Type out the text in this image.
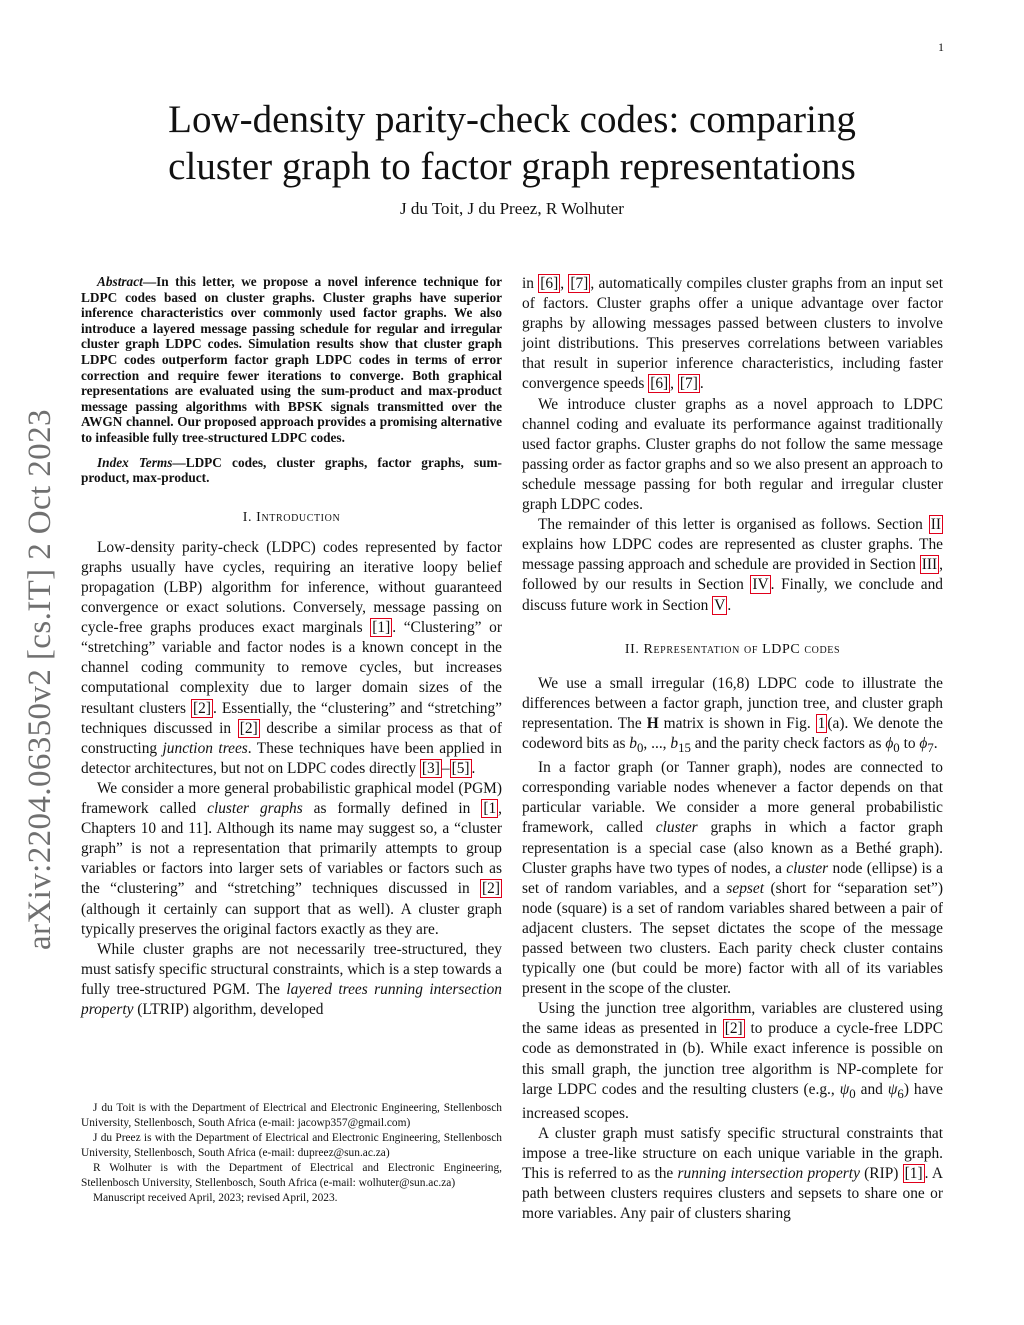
1
arXiv:2204.06350v2 [cs.IT] 2 Oct 2023
Low-density parity-check codes: comparing
cluster graph to factor graph representations
J du Toit, J du Preez, R Wolhuter

Abstract—In this letter, we propose a novel inference technique for LDPC codes based on cluster graphs. Cluster graphs have superior inference characteristics over commonly used factor graphs. We also introduce a layered message passing schedule for regular and irregular cluster graph LDPC codes. Simulation results show that cluster graph LDPC codes outperform factor graph LDPC codes in terms of error correction and require fewer iterations to converge. Both graphical representations are evaluated using the sum-product and max-product message passing algorithms with BPSK signals transmitted over the AWGN channel. Our proposed approach provides a promising alternative to infeasible fully tree-structured LDPC codes.

Index Terms—LDPC codes, cluster graphs, factor graphs, sum-product, max-product.

I. Introduction

Low-density parity-check (LDPC) codes represented by factor graphs usually have cycles, requiring an iterative loopy belief propagation (LBP) algorithm for inference, without guaranteed convergence or exact solutions. Conversely, message passing on cycle-free graphs produces exact marginals [1] . “Clustering” or “stretching” variable and factor nodes is a known concept in the channel coding community to remove cycles, but increases computational complexity due to larger domain sizes of the resultant clusters [2] . Essentially, the “clustering” and “stretching” techniques discussed in [2] describe a similar process as that of constructing junction trees. These techniques have been applied in detector architectures, but not on LDPC codes directly [3] – [5] .

We consider a more general probabilistic graphical model (PGM) framework called cluster graphs as formally defined in [1 , Chapters 10 and 11]. Although its name may suggest so, a “cluster graph” is not a representation that primarily attempts to group variables or factors into larger sets of variables or factors such as the “clustering” and “stretching” techniques discussed in [2] (although it certainly can support that as well). A cluster graph typically preserves the original factors exactly as they are.

While cluster graphs are not necessarily tree-structured, they must satisfy specific structural constraints, which is a step towards a fully tree-structured PGM. The layered trees running intersection property (LTRIP) algorithm, developed

J du Toit is with the Department of Electrical and Electronic Engineering, Stellenbosch University, Stellenbosch, South Africa (e-mail: jacowp357@gmail.com)

J du Preez is with the Department of Electrical and Electronic Engineering, Stellenbosch University, Stellenbosch, South Africa (e-mail: dupreez@sun.ac.za)

R Wolhuter is with the Department of Electrical and Electronic Engineering, Stellenbosch University, Stellenbosch, South Africa (e-mail: wolhuter@sun.ac.za)

Manuscript received April, 2023; revised April, 2023.

in [6] , [7] , automatically compiles cluster graphs from an input set of factors. Cluster graphs offer a unique advantage over factor graphs by allowing messages passed between clusters to involve joint distributions. This preserves correlations between variables that result in superior inference characteristics, including faster convergence speeds [6] , [7] .

We introduce cluster graphs as a novel approach to LDPC channel coding and evaluate its performance against traditionally used factor graphs. Cluster graphs do not follow the same message passing order as factor graphs and so we also present an approach to schedule message passing for both regular and irregular cluster graph LDPC codes.

The remainder of this letter is organised as follows. Section II explains how LDPC codes are represented as cluster graphs. The message passing approach and schedule are provided in Section III , followed by our results in Section IV . Finally, we conclude and discuss future work in Section V .

II. Representation of LDPC codes

We use a small irregular (16,8) LDPC code to illustrate the differences between a factor graph, junction tree, and cluster graph representation. The H matrix is shown in Fig. 1 (a). We denote the codeword bits as $b_0$, ..., $b_{15}$ and the parity check factors as $\phi_0$ to $\phi_7$.

In a factor graph (or Tanner graph), nodes are connected to corresponding variable nodes whenever a factor depends on that particular variable. We consider a more general probabilistic framework, called cluster graphs in which a factor graph representation is a special case (also known as a Bethé graph). Cluster graphs have two types of nodes, a cluster node (ellipse) is a set of random variables, and a sepset (short for “separation set”) node (square) is a set of random variables shared between a pair of adjacent clusters. The sepset dictates the scope of the message passed between two clusters. Each parity check cluster contains typically one (but could be more) factor with all of its variables present in the scope of the cluster.

Using the junction tree algorithm, variables are clustered using the same ideas as presented in [2] to produce a cycle-free LDPC code as demonstrated in (b). While exact inference is possible on this small graph, the junction tree algorithm is NP-complete for large LDPC codes and the resulting clusters (e.g., $\psi_0$ and $\psi_6$) have increased scopes.

A cluster graph must satisfy specific structural constraints that impose a tree-like structure on each unique variable in the graph. This is referred to as the running intersection property (RIP) [1] . A path between clusters requires clusters and sepsets to share one or more variables. Any pair of clusters sharing
